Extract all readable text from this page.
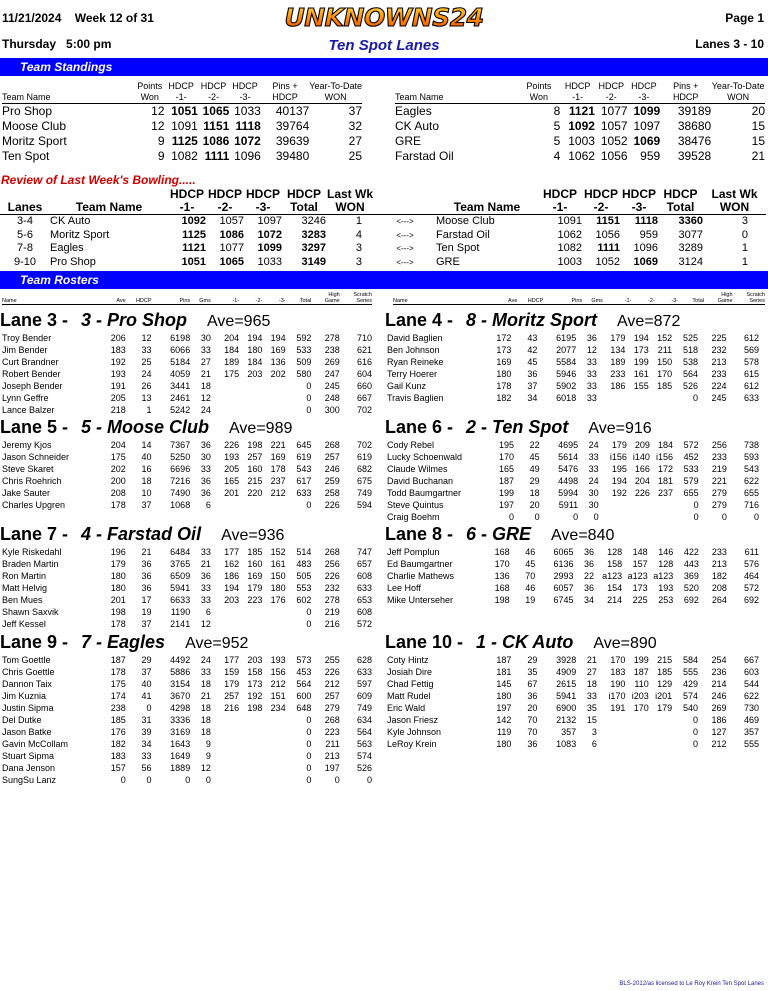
11/21/2024 Week 12 of 31	UNKNOWNS24	Page 1
Thursday 5:00 pm	Ten Spot Lanes	Lanes 3 - 10
Team Standings
	Points	HDCP	HDCP	HDCP	Pins +	Year-To-Date
Team Name	Won	-1-	-2-	-3-	HDCP	WON
Pro Shop	12	1051	1065	1033	40137	37
Moose Club	12	1091	1151	1118	39764	32
Moritz Sport	9	1125	1086	1072	39639	27
Ten Spot	9	1082	1111	1096	39480	25
	Points	HDCP	HDCP	HDCP	Pins +	Year-To-Date
Team Name	Won	-1-	-2-	-3-	HDCP	WON
Eagles	8	1121	1077	1099	39189	20
CK Auto	5	1092	1057	1097	38680	15
GRE	5	1003	1052	1069	38476	15
Farstad Oil	4	1062	1056	959	39528	21
Review of Last Week's Bowling.....
		HDCP	HDCP	HDCP	HDCP	Last Wk			HDCP	HDCP	HDCP	HDCP	Last Wk
Lanes	Team Name	-1-	-2-	-3-	Total	WON		Team Name	-1-	-2-	-3-	Total	WON
3-4	CK Auto	1092	1057	1097	3246	1	<--->	Moose Club	1091	1151	1118	3360	3
5-6	Moritz Sport	1125	1086	1072	3283	4	<--->	Farstad Oil	1062	1056	959	3077	0
7-8	Eagles	1121	1077	1099	3297	3	<--->	Ten Spot	1082	1111	1096	3289	1
9-10	Pro Shop	1051	1065	1033	3149	3	<--->	GRE	1003	1052	1069	3124	1
Team Rosters
									High	Scratch
Name	Ave	HDCP	Pins	Gms	-1-	-2-	-3-	Total	Game	Series
									High	Scratch
Name	Ave	HDCP	Pins	Gms	-1-	-2-	-3-	Total	Game	Series
Lane 3 - 3 - Pro Shop Ave=965
Troy Bender	206	12	6198	30	204	194	194	592	278	710
Jim Bender	183	33	6066	33	184	180	169	533	238	621
Curt Brandner	192	25	5184	27	189	184	136	509	269	616
Robert Bender	193	24	4059	21	175	203	202	580	247	604
Joseph Bender	191	26	3441	18				0	245	660
Lynn Geffre	205	13	2461	12				0	248	667
Lance Balzer	218	1	5242	24				0	300	702
Lane 4 - 8 - Moritz Sport Ave=872
David Baglien	172	43	6195	36	179	194	152	525	225	612
Ben Johnson	173	42	2077	12	134	173	211	518	232	569
Ryan Reineke	169	45	5584	33	189	199	150	538	213	578
Terry Hoerer	180	36	5946	33	233	161	170	564	233	615
Gail Kunz	178	37	5902	33	186	155	185	526	224	612
Travis Baglien	182	34	6018	33				0	245	633
Lane 5 - 5 - Moose Club Ave=989
Jeremy Kjos	204	14	7367	36	226	198	221	645	268	702
Jason Schneider	175	40	5250	30	193	257	169	619	257	619
Steve Skaret	202	16	6696	33	205	160	178	543	246	682
Chris Roehrich	200	18	7216	36	165	215	237	617	259	675
Jake Sauter	208	10	7490	36	201	220	212	633	258	749
Charles Upgren	178	37	1068	6				0	226	594
Lane 6 - 2 - Ten Spot Ave=916
Cody Rebel	195	22	4695	24	179	209	184	572	256	738
Lucky Schoenwald	170	45	5614	33	i156	i140	i156	452	233	593
Claude Wilmes	165	49	5476	33	195	166	172	533	219	543
David Buchanan	187	29	4498	24	194	204	181	579	221	622
Todd Baumgartner	199	18	5994	30	192	226	237	655	279	655
Steve Quintus	197	20	5911	30				0	279	716
Craig Boehm	0	0	0	0				0	0	0
Lane 7 - 4 - Farstad Oil Ave=936
Kyle Riskedahl	196	21	6484	33	177	185	152	514	268	747
Braden Martin	179	36	3765	21	162	160	161	483	256	657
Ron Martin	180	36	6509	36	186	169	150	505	226	608
Matt Helvig	180	36	5941	33	194	179	180	553	232	633
Ben Mues	201	17	6633	33	203	223	176	602	278	653
Shawn Saxvik	198	19	1190	6				0	219	608
Jeff Kessel	178	37	2141	12				0	216	572
Lane 8 - 6 - GRE Ave=840
Jeff Pomplun	168	46	6065	36	128	148	146	422	233	611
Ed Baumgartner	170	45	6136	36	158	157	128	443	213	576
Charlie Mathews	136	70	2993	22	a123	a123	a123	369	182	464
Lee Hoff	168	46	6057	36	154	173	193	520	208	572
Mike Unterseher	198	19	6745	34	214	225	253	692	264	692
Lane 9 - 7 - Eagles Ave=952
Tom Goettle	187	29	4492	24	177	203	193	573	255	628
Chris Goettle	178	37	5886	33	159	158	156	453	226	633
Dannon Taix	175	40	3154	18	179	173	212	564	212	597
Jim Kuznia	174	41	3670	21	257	192	151	600	257	609
Justin Sipma	238	0	4298	18	216	198	234	648	279	749
Del Dutke	185	31	3336	18				0	268	634
Jason Batke	176	39	3169	18				0	223	564
Gavin McCollam	182	34	1643	9				0	211	563
Stuart Sipma	183	33	1649	9				0	213	574
Dana Jenson	157	56	1889	12				0	197	526
SungSu Lanz	0	0	0	0				0	0	0
Lane 10 - 1 - CK Auto Ave=890
Coty Hintz	187	29	3928	21	170	199	215	584	254	667
Josiah Dire	181	35	4909	27	183	187	185	555	236	603
Chad Fettig	145	67	2615	18	190	110	129	429	214	544
Matt Rudel	180	36	5941	33	i170	i203	i201	574	246	622
Eric Wald	197	20	6900	35	191	170	179	540	269	730
Jason Friesz	142	70	2132	15				0	186	469
Kyle Johnson	119	70	357	3				0	127	357
LeRoy Krein	180	36	1083	6				0	212	555
BLS-2012/as licensed to Le Roy Krein Ten Spot Lanes
